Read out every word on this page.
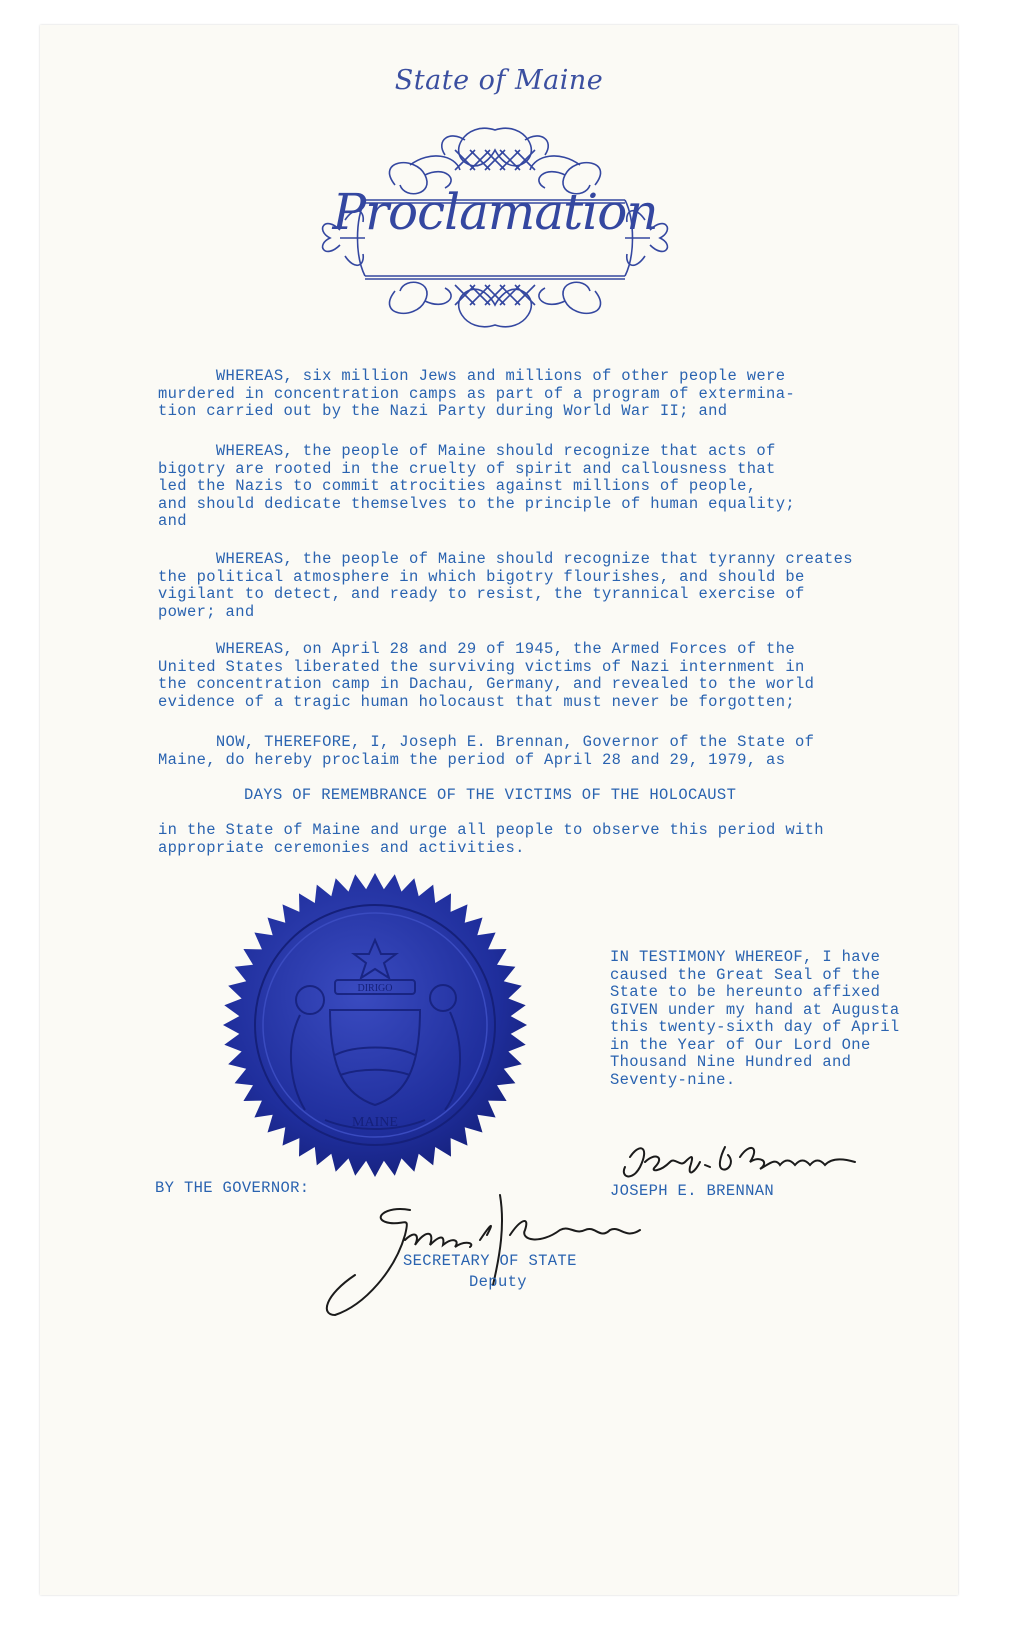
State of Maine
Proclamation
WHEREAS, six million Jews and millions of other people were
murdered in concentration camps as part of a program of extermina-
tion carried out by the Nazi Party during World War II; and
WHEREAS, the people of Maine should recognize that acts of
bigotry are rooted in the cruelty of spirit and callousness that
led the Nazis to commit atrocities against millions of people,
and should dedicate themselves to the principle of human equality;
and
WHEREAS, the people of Maine should recognize that tyranny creates
the political atmosphere in which bigotry flourishes, and should be
vigilant to detect, and ready to resist, the tyrannical exercise of
power; and
WHEREAS, on April 28 and 29 of 1945, the Armed Forces of the
United States liberated the surviving victims of Nazi internment in
the concentration camp in Dachau, Germany, and revealed to the world
evidence of a tragic human holocaust that must never be forgotten;
NOW, THEREFORE, I, Joseph E. Brennan, Governor of the State of
Maine, do hereby proclaim the period of April 28 and 29, 1979, as
DAYS OF REMEMBRANCE OF THE VICTIMS OF THE HOLOCAUST
in the State of Maine and urge all people to observe this period with
appropriate ceremonies and activities.
MAINE
DIRIGO
IN TESTIMONY WHEREOF, I have
caused the Great Seal of the
State to be hereunto affixed
GIVEN under my hand at Augusta
this twenty-sixth day of April
in the Year of Our Lord One
Thousand Nine Hundred and
Seventy-nine.
BY THE GOVERNOR:	JOSEPH E. BRENNAN
SECRETARY OF STATE
Deputy
